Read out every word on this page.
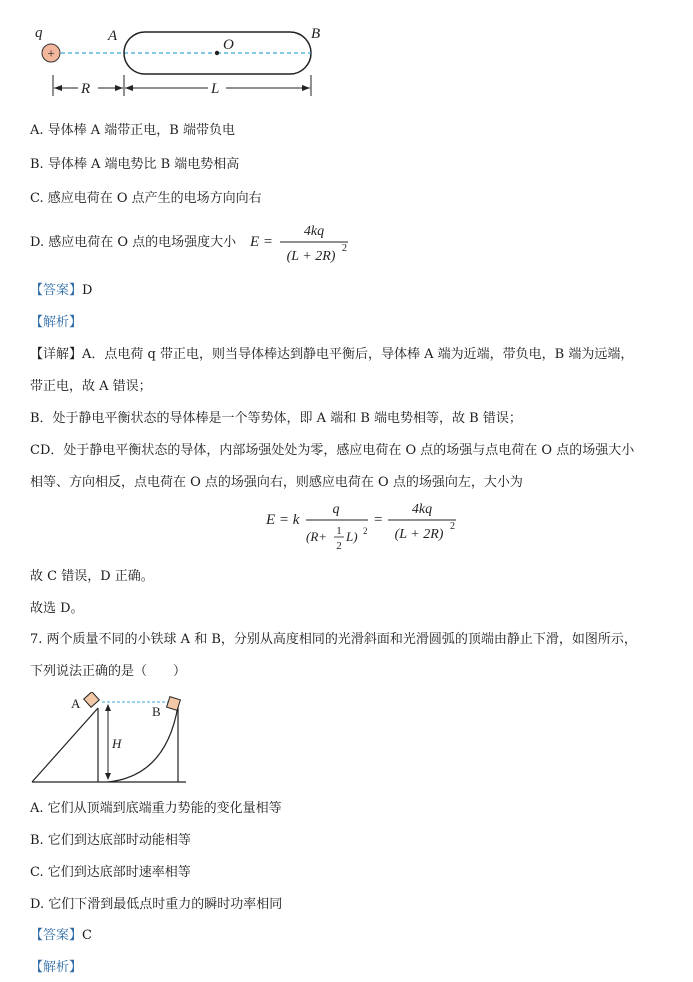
+
q	A
O
B
R	L
A. 导体棒 A 端带正电，B 端带负电
B. 导体棒 A 端电势比 B 端电势相高
C. 感应电荷在 O 点产生的电场方向向右
D. 感应电荷在 O 点的电场强度大小 E =
4kq
(L + 2R)
2
【答案】D
【解析】
【详解】A．点电荷 q 带正电，则当导体棒达到静电平衡后，导体棒 A 端为近端，带负电，B 端为远端，
带正电，故 A 错误；
B．处于静电平衡状态的导体棒是一个等势体，即 A 端和 B 端电势相等，故 B 错误；
CD．处于静电平衡状态的导体，内部场强处处为零，感应电荷在 O 点的场强与点电荷在 O 点的场强大小
相等、方向相反，点电荷在 O 点的场强向右，则感应电荷在 O 点的场强向左，大小为
E = k
q
(R+ 1
2
L) 2
=
4kq
(L + 2R)
2
故 C 错误，D 正确。
故选 D。
7. 两个质量不同的小铁球 A 和 B，分别从高度相同的光滑斜面和光滑圆弧的顶端由静止下滑，如图所示，
下列说法正确的是（　　）
H
A
B
A. 它们从顶端到底端重力势能的变化量相等
B. 它们到达底部时动能相等
C. 它们到达底部时速率相等
D. 它们下滑到最低点时重力的瞬时功率相同
【答案】C
【解析】
